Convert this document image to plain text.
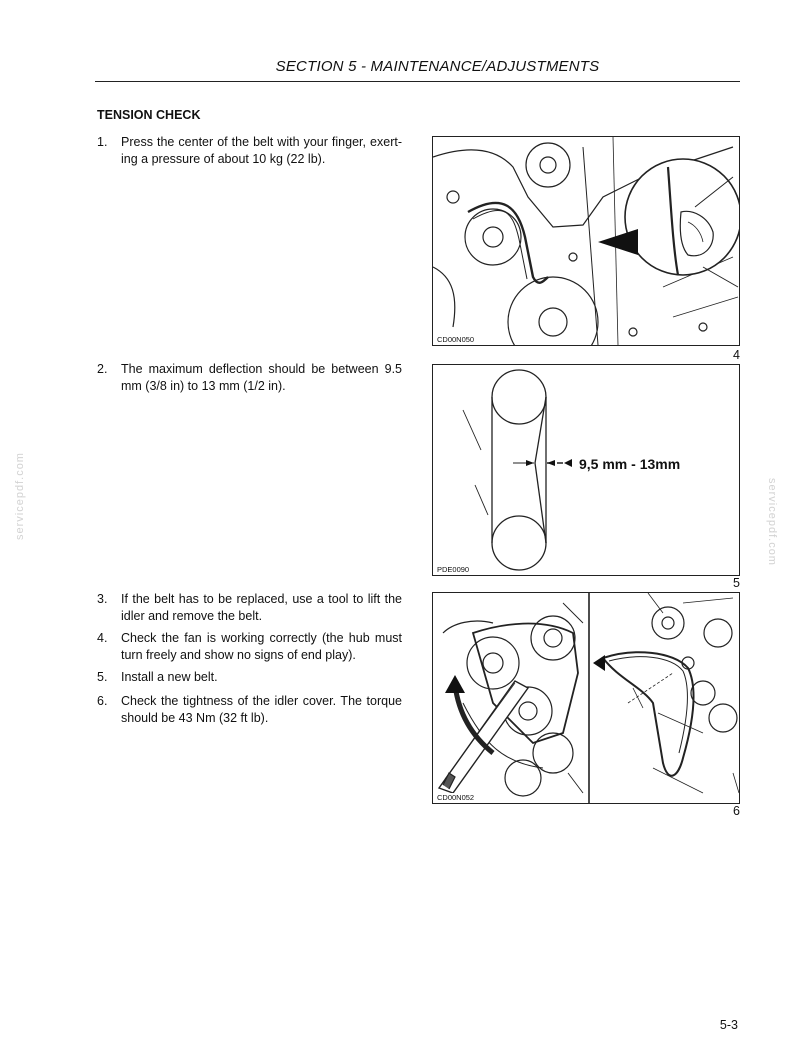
SECTION 5 - MAINTENANCE/ADJUSTMENTS
TENSION CHECK
1.	Press the center of the belt with your finger, exert-ing a pressure of about 10 kg (22 lb).
2.	The maximum deflection should be between 9.5 mm (3/8 in) to 13 mm (1/2 in).
3.	If the belt has to be replaced, use a tool to lift the idler and remove the belt.
4.	Check the fan is working correctly (the hub must turn freely and show no signs of end play).
5.	Install a new belt.
6.	Check the tightness of the idler cover. The torque should be 43 Nm (32 ft lb).
CD00N050
4
9,5 mm - 13mm
PDE0090
5
CD00N052
6
servicepdf.com	servicepdf.com
5-3
